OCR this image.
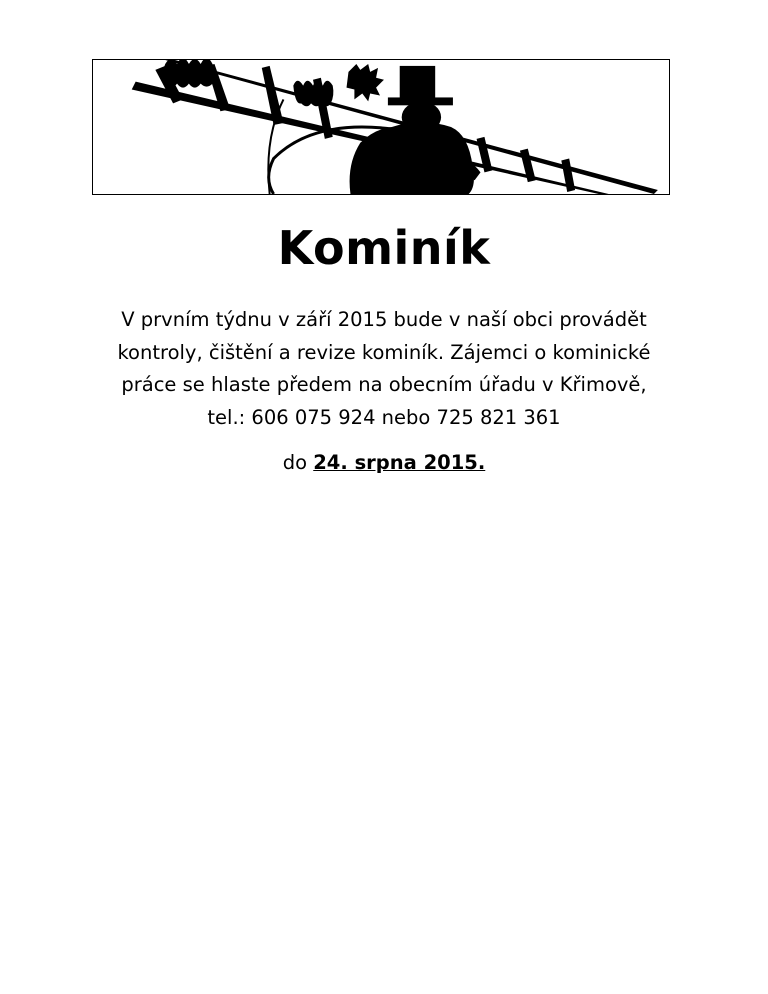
Kominík
V prvním týdnu v září 2015 bude v naší obci provádět
kontroly, čištění a revize kominík. Zájemci o kominické
práce se hlaste předem na obecním úřadu v Křimově,
tel.: 606 075 924 nebo 725 821 361
do 24. srpna 2015.
